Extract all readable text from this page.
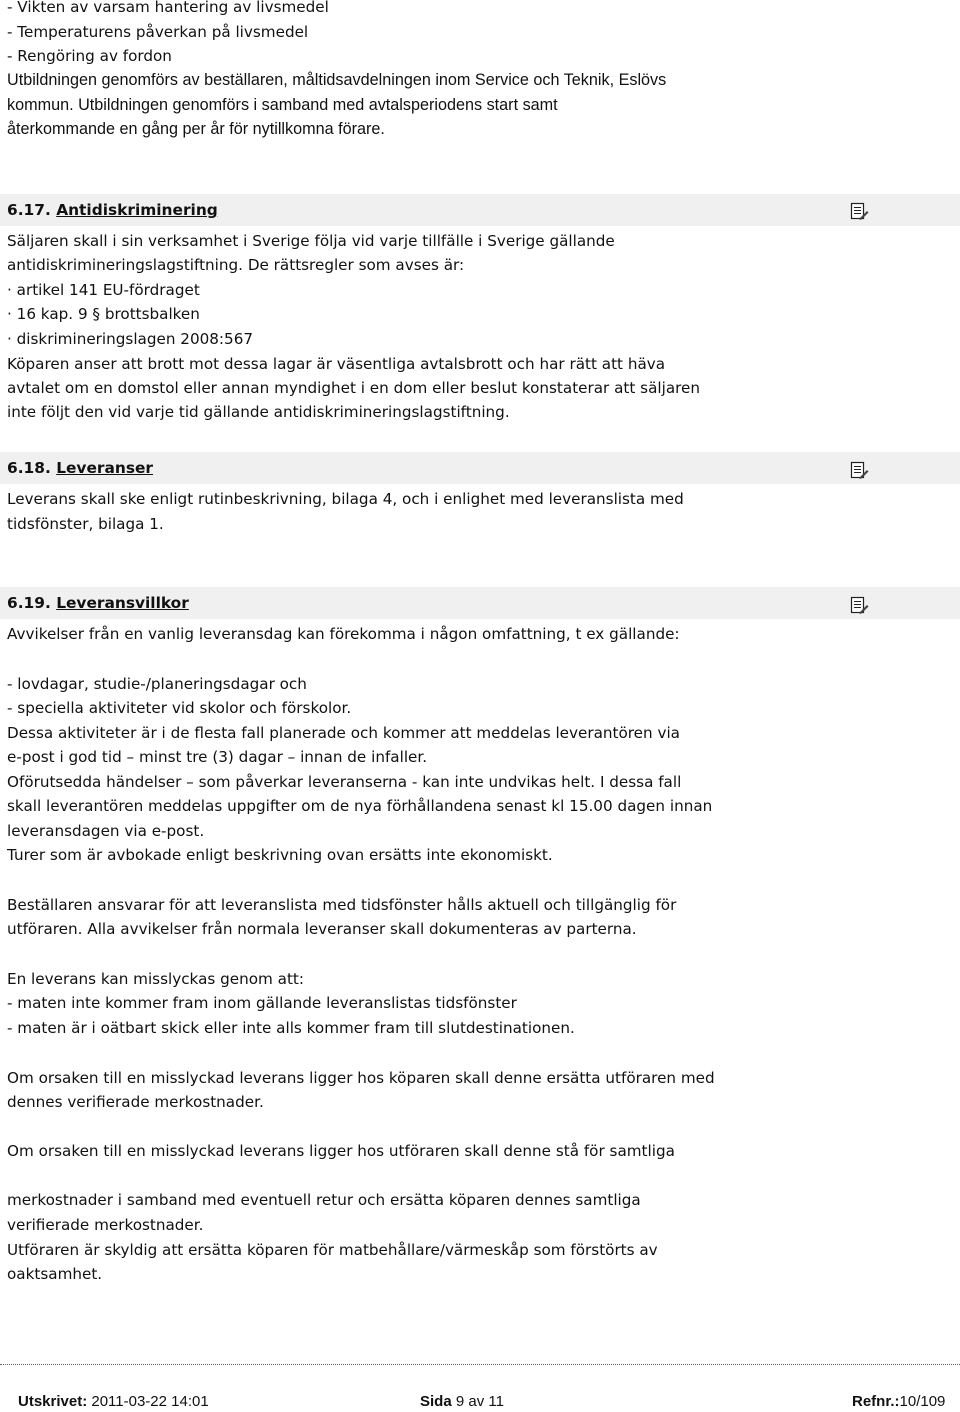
- Vikten av varsam hantering av livsmedel
- Temperaturens påverkan på livsmedel
- Rengöring av fordon
Utbildningen genomförs av beställaren, måltidsavdelningen inom Service och Teknik, Eslövs
kommun. Utbildningen genomförs i samband med avtalsperiodens start samt
återkommande en gång per år för nytillkomna förare.
6.17. Antidiskriminering
Säljaren skall i sin verksamhet i Sverige följa vid varje tillfälle i Sverige gällande
antidiskrimineringslagstiftning. De rättsregler som avses är:
· artikel 141 EU-fördraget
· 16 kap. 9 § brottsbalken
· diskrimineringslagen 2008:567
Köparen anser att brott mot dessa lagar är väsentliga avtalsbrott och har rätt att häva
avtalet om en domstol eller annan myndighet i en dom eller beslut konstaterar att säljaren
inte följt den vid varje tid gällande antidiskrimineringslagstiftning.
6.18. Leveranser
Leverans skall ske enligt rutinbeskrivning, bilaga 4, och i enlighet med leveranslista med
tidsfönster, bilaga 1.
6.19. Leveransvillkor
Avvikelser från en vanlig leveransdag kan förekomma i någon omfattning, t ex gällande:
- lovdagar, studie-/planeringsdagar och
- speciella aktiviteter vid skolor och förskolor.
Dessa aktiviteter är i de flesta fall planerade och kommer att meddelas leverantören via
e-post i god tid – minst tre (3) dagar – innan de infaller.
Oförutsedda händelser – som påverkar leveranserna - kan inte undvikas helt. I dessa fall
skall leverantören meddelas uppgifter om de nya förhållandena senast kl 15.00 dagen innan
leveransdagen via e-post.
Turer som är avbokade enligt beskrivning ovan ersätts inte ekonomiskt.
Beställaren ansvarar för att leveranslista med tidsfönster hålls aktuell och tillgänglig för
utföraren. Alla avvikelser från normala leveranser skall dokumenteras av parterna.
En leverans kan misslyckas genom att:
- maten inte kommer fram inom gällande leveranslistas tidsfönster
- maten är i oätbart skick eller inte alls kommer fram till slutdestinationen.
Om orsaken till en misslyckad leverans ligger hos köparen skall denne ersätta utföraren med
dennes verifierade merkostnader.
Om orsaken till en misslyckad leverans ligger hos utföraren skall denne stå för samtliga
merkostnader i samband med eventuell retur och ersätta köparen dennes samtliga
verifierade merkostnader.
Utföraren är skyldig att ersätta köparen för matbehållare/värmeskåp som förstörts av
oaktsamhet.
Utskrivet: 2011-03-22 14:01	Sida 9 av 11	Refnr.:10/109
